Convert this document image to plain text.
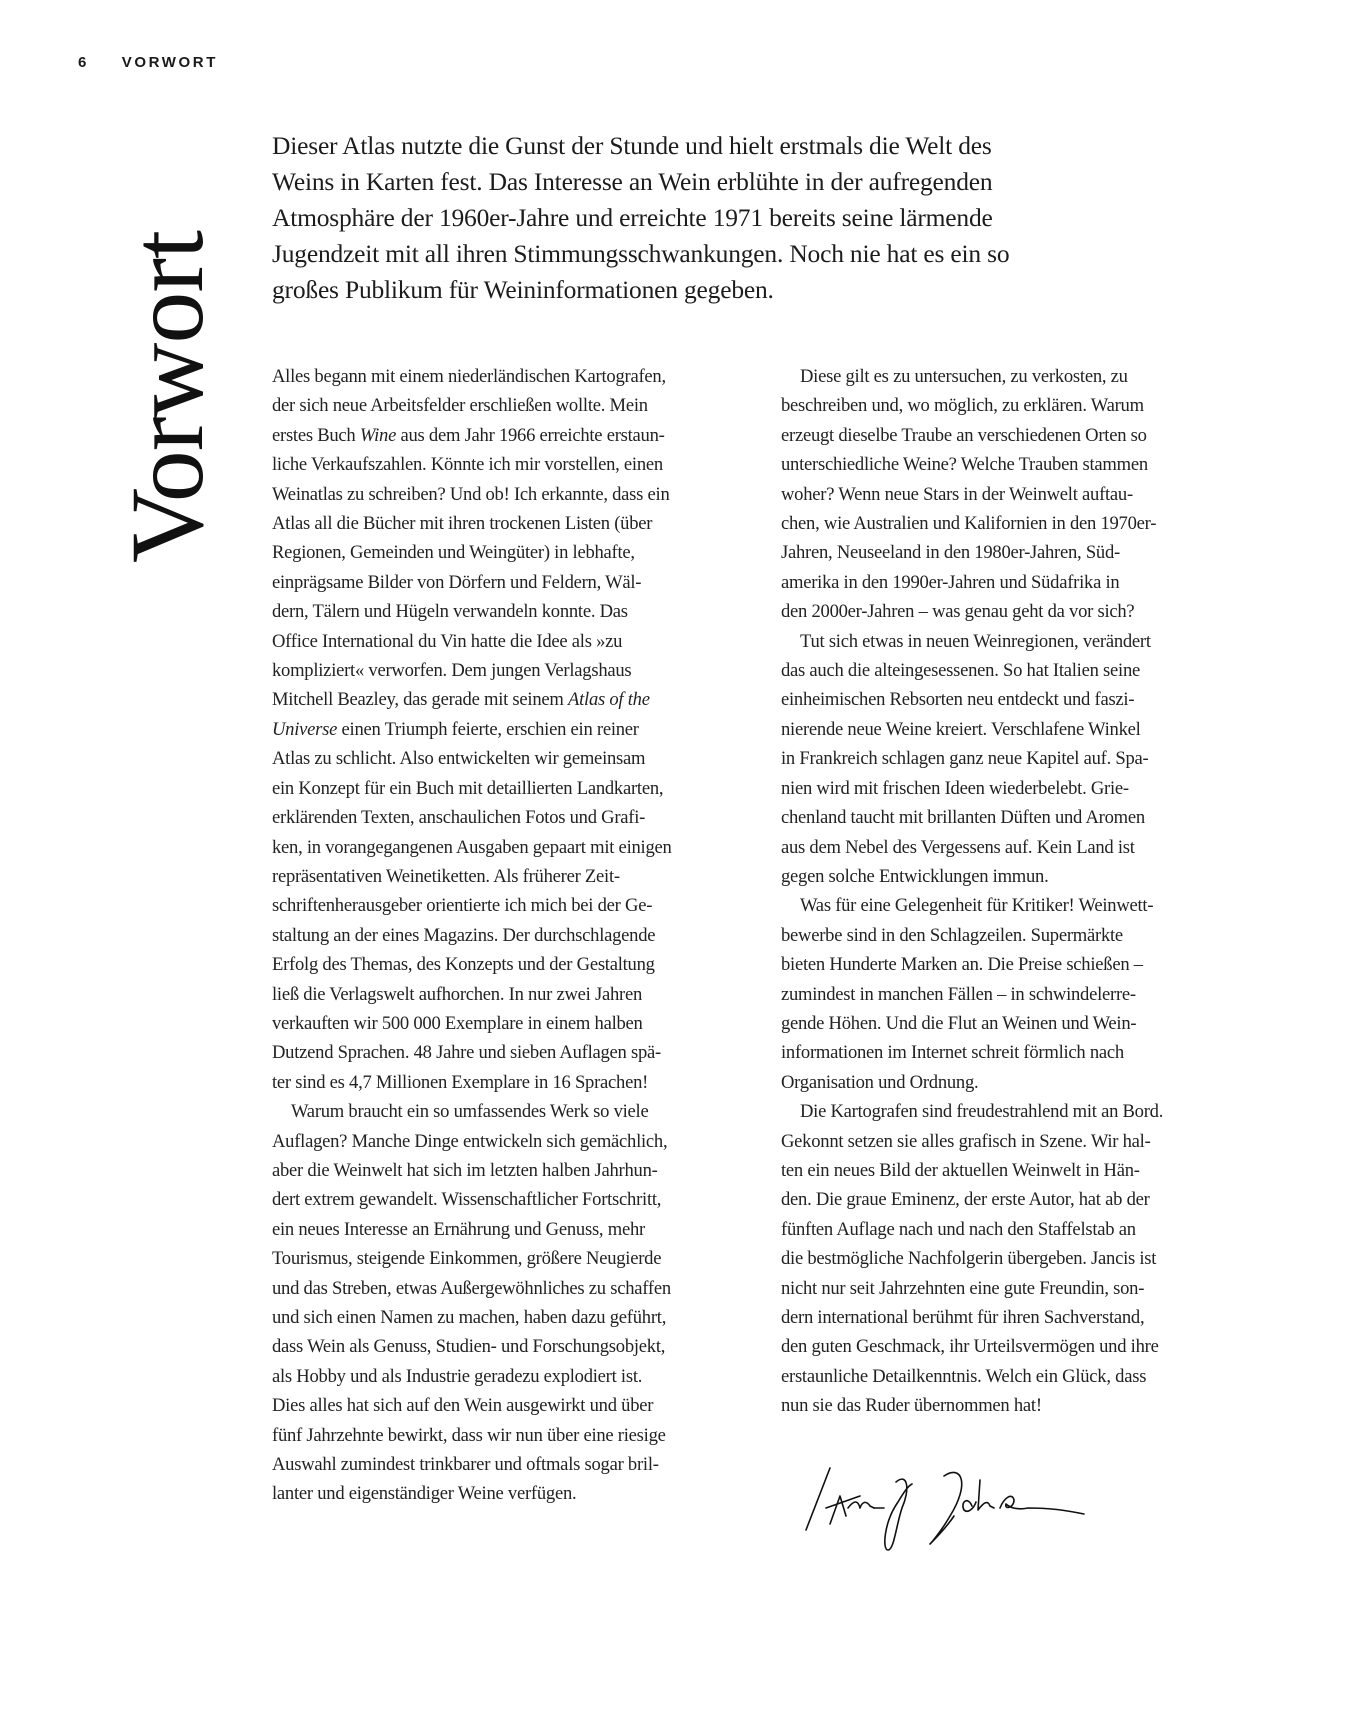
6 VORWORT
Vorwort
Dieser Atlas nutzte die Gunst der Stunde und hielt erstmals die Welt des
Weins in Karten fest. Das Interesse an Wein erblühte in der aufregenden
Atmosphäre der 1960er-Jahre und erreichte 1971 bereits seine lärmende
Jugendzeit mit all ihren Stimmungsschwankungen. Noch nie hat es ein so
großes Publikum für Weininformationen gegeben.
Alles begann mit einem niederländischen Kartografen,
der sich neue Arbeitsfelder erschließen wollte. Mein
erstes Buch Wine aus dem Jahr 1966 erreichte erstaun-
liche Verkaufszahlen. Könnte ich mir vorstellen, einen
Weinatlas zu schreiben? Und ob! Ich erkannte, dass ein
Atlas all die Bücher mit ihren trockenen Listen (über
Regionen, Gemeinden und Weingüter) in lebhafte,
einprägsame Bilder von Dörfern und Feldern, Wäl-
dern, Tälern und Hügeln verwandeln konnte. Das
Office International du Vin hatte die Idee als »zu
kompliziert« verworfen. Dem jungen Verlagshaus
Mitchell Beazley, das gerade mit seinem Atlas of the
Universe einen Triumph feierte, erschien ein reiner
Atlas zu schlicht. Also entwickelten wir gemeinsam
ein Konzept für ein Buch mit detaillierten Landkarten,
erklärenden Texten, anschaulichen Fotos und Grafi-
ken, in vorangegangenen Ausgaben gepaart mit einigen
repräsentativen Weinetiketten. Als früherer Zeit-
schriftenherausgeber orientierte ich mich bei der Ge-
staltung an der eines Magazins. Der durchschlagende
Erfolg des Themas, des Konzepts und der Gestaltung
ließ die Verlagswelt aufhorchen. In nur zwei Jahren
verkauften wir 500 000 Exemplare in einem halben
Dutzend Sprachen. 48 Jahre und sieben Auflagen spä-
ter sind es 4,7 Millionen Exemplare in 16 Sprachen!
Warum braucht ein so umfassendes Werk so viele
Auflagen? Manche Dinge entwickeln sich gemächlich,
aber die Weinwelt hat sich im letzten halben Jahrhun-
dert extrem gewandelt. Wissenschaftlicher Fortschritt,
ein neues Interesse an Ernährung und Genuss, mehr
Tourismus, steigende Einkommen, größere Neugierde
und das Streben, etwas Außergewöhnliches zu schaffen
und sich einen Namen zu machen, haben dazu geführt,
dass Wein als Genuss, Studien- und Forschungsobjekt,
als Hobby und als Industrie geradezu explodiert ist.
Dies alles hat sich auf den Wein ausgewirkt und über
fünf Jahrzehnte bewirkt, dass wir nun über eine riesige
Auswahl zumindest trinkbarer und oftmals sogar bril-
lanter und eigenständiger Weine verfügen.
Diese gilt es zu untersuchen, zu verkosten, zu
beschreiben und, wo möglich, zu erklären. Warum
erzeugt dieselbe Traube an verschiedenen Orten so
unterschiedliche Weine? Welche Trauben stammen
woher? Wenn neue Stars in der Weinwelt auftau-
chen, wie Australien und Kalifornien in den 1970er-
Jahren, Neuseeland in den 1980er-Jahren, Süd-
amerika in den 1990er-Jahren und Südafrika in
den 2000er-Jahren – was genau geht da vor sich?
Tut sich etwas in neuen Weinregionen, verändert
das auch die alteingesessenen. So hat Italien seine
einheimischen Rebsorten neu entdeckt und faszi-
nierende neue Weine kreiert. Verschlafene Winkel
in Frankreich schlagen ganz neue Kapitel auf. Spa-
nien wird mit frischen Ideen wiederbelebt. Grie-
chenland taucht mit brillanten Düften und Aromen
aus dem Nebel des Vergessens auf. Kein Land ist
gegen solche Entwicklungen immun.
Was für eine Gelegenheit für Kritiker! Weinwett-
bewerbe sind in den Schlagzeilen. Supermärkte
bieten Hunderte Marken an. Die Preise schießen –
zumindest in manchen Fällen – in schwindelerre-
gende Höhen. Und die Flut an Weinen und Wein-
informationen im Internet schreit förmlich nach
Organisation und Ordnung.
Die Kartografen sind freudestrahlend mit an Bord.
Gekonnt setzen sie alles grafisch in Szene. Wir hal-
ten ein neues Bild der aktuellen Weinwelt in Hän-
den. Die graue Eminenz, der erste Autor, hat ab der
fünften Auflage nach und nach den Staffelstab an
die bestmögliche Nachfolgerin übergeben. Jancis ist
nicht nur seit Jahrzehnten eine gute Freundin, son-
dern international berühmt für ihren Sachverstand,
den guten Geschmack, ihr Urteilsvermögen und ihre
erstaunliche Detailkenntnis. Welch ein Glück, dass
nun sie das Ruder übernommen hat!
